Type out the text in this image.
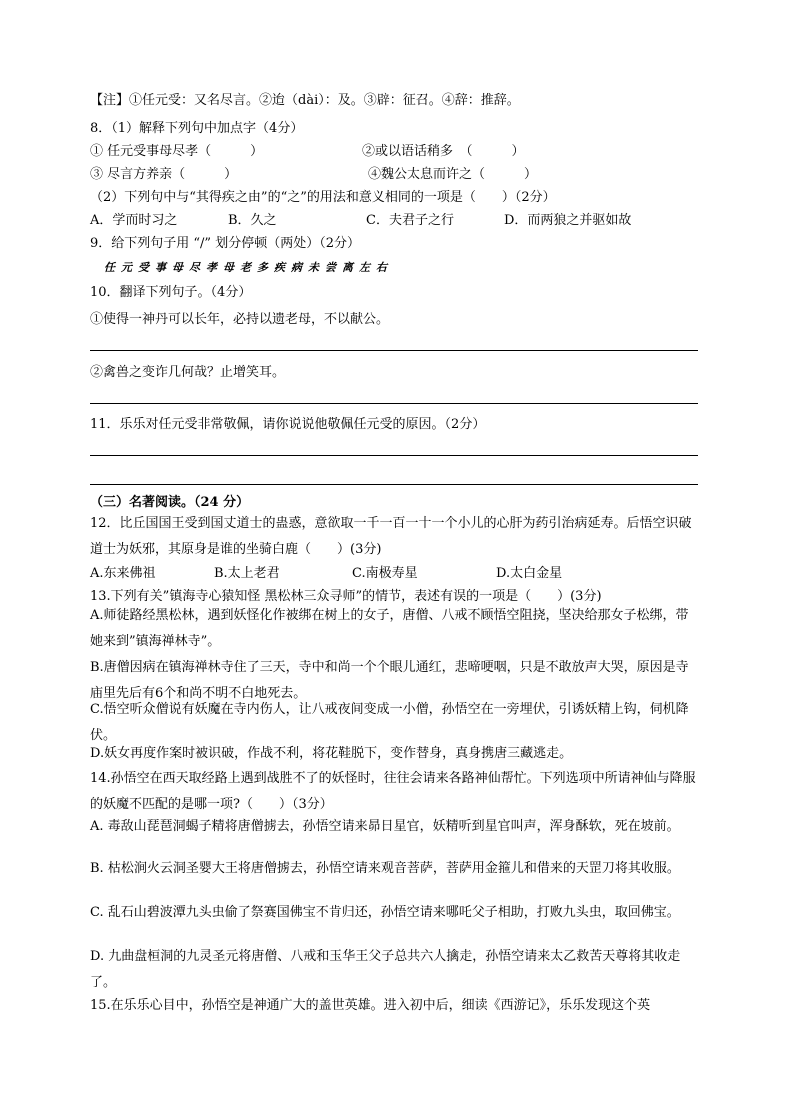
【注】①任元受：又名尽言。②迨（dài）：及。③辟：征召。④辞：推辞。
8．（1）解释下列句中加点字（4分）
① 任元受事母尽孝（　　　）	②或以语话稍多　（　　　）
③ 尽言方养亲（　　　）	④魏公太息而许之（　　　）
（2）下列句中与“其得疾之由”的“之”的用法和意义相同的一项是（　　）（2分）
A．学而时习之	B．久之	C．夫君子之行	D．而两狼之并驱如故
9．给下列句子用 “/” 划分停顿（两处）（2分）
任元受事母尽孝母老多疾病未尝离左右
10．翻译下列句子。（4分）
①使得一神丹可以长年，必持以遗老母，不以献公。
②禽兽之变诈几何哉？止增笑耳。
11．乐乐对任元受非常敬佩，请你说说他敬佩任元受的原因。（2分）
（三）名著阅读。（24 分）
12．比丘国国王受到国丈道士的蛊惑，意欲取一千一百一十一个小儿的心肝为药引治病延寿。后悟空识破道士为妖邪，其原身是谁的坐骑白鹿（　　）(3分)
A.东来佛祖	B.太上老君	C.南极寿星	D.太白金星
13.下列有关”镇海寺心猿知怪 黑松林三众寻师”的情节，表述有误的一项是（　　）(3分)
A.师徒路经黑松林，遇到妖怪化作被绑在树上的女子，唐僧、八戒不顾悟空阻挠，坚决给那女子松绑，带她来到”镇海禅林寺”。
B.唐僧因病在镇海禅林寺住了三天，寺中和尚一个个眼儿通红，悲啼哽咽，只是不敢放声大哭，原因是寺庙里先后有6个和尚不明不白地死去。
C.悟空听众僧说有妖魔在寺内伤人，让八戒夜间变成一小僧，孙悟空在一旁埋伏，引诱妖精上钩，伺机降伏。
D.妖女再度作案时被识破，作战不利，将花鞋脱下，变作替身，真身携唐三藏逃走。
14.孙悟空在西天取经路上遇到战胜不了的妖怪时，往往会请来各路神仙帮忙。下列选项中所请神仙与降服的妖魔不匹配的是哪一项?（　　）（3分）
A. 毒敌山琵琶洞蝎子精将唐僧掳去，孙悟空请来昴日星官，妖精听到星官叫声，浑身酥软，死在坡前。
B. 枯松涧火云洞圣婴大王将唐僧掳去，孙悟空请来观音菩萨，菩萨用金箍儿和借来的天罡刀将其收服。
C. 乱石山碧波潭九头虫偷了祭赛国佛宝不肯归还，孙悟空请来哪吒父子相助，打败九头虫，取回佛宝。
D. 九曲盘桓洞的九灵圣元将唐僧、八戒和玉华王父子总共六人擒走，孙悟空请来太乙救苦天尊将其收走了。
15.在乐乐心目中，孙悟空是神通广大的盖世英雄。进入初中后，细读《西游记》，乐乐发现这个英
